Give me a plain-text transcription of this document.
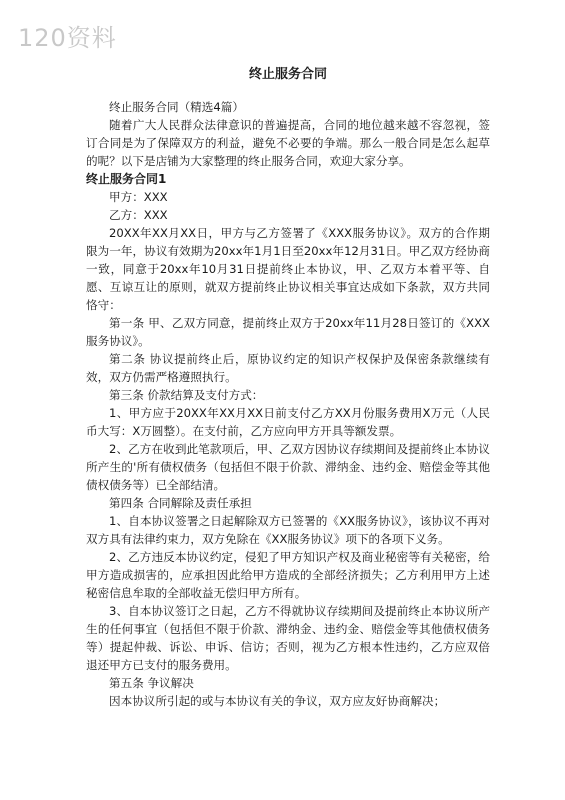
120资料
终止服务合同
终止服务合同（精选4篇）
随着广大人民群众法律意识的普遍提高，合同的地位越来越不容忽视，签订合同是为了保障双方的利益，避免不必要的争端。那么一般合同是怎么起草的呢？以下是店铺为大家整理的终止服务合同，欢迎大家分享。
终止服务合同1
甲方：XXX
乙方：XXX
20XX年XX月XX日，甲方与乙方签署了《XXX服务协议》。双方的合作期限为一年，协议有效期为20xx年1月1日至20xx年12月31日。甲乙双方经协商一致，同意于20xx年10月31日提前终止本协议，甲、乙双方本着平等、自愿、互谅互让的原则，就双方提前终止协议相关事宜达成如下条款，双方共同恪守：
第一条 甲、乙双方同意，提前终止双方于20xx年11月28日签订的《XXX服务协议》。
第二条 协议提前终止后，原协议约定的知识产权保护及保密条款继续有效，双方仍需严格遵照执行。
第三条 价款结算及支付方式：
1、甲方应于20XX年XX月XX日前支付乙方XX月份服务费用X万元（人民币大写：X万圆整）。在支付前，乙方应向甲方开具等额发票。
2、乙方在收到此笔款项后，甲、乙双方因协议存续期间及提前终止本协议所产生的'所有债权债务（包括但不限于价款、滞纳金、违约金、赔偿金等其他债权债务等）已全部结清。
第四条 合同解除及责任承担
1、自本协议签署之日起解除双方已签署的《XX服务协议》，该协议不再对双方具有法律约束力，双方免除在《XX服务协议》项下的各项下义务。
2、乙方违反本协议约定，侵犯了甲方知识产权及商业秘密等有关秘密，给甲方造成损害的，应承担因此给甲方造成的全部经济损失；乙方利用甲方上述秘密信息牟取的全部收益无偿归甲方所有。
3、自本协议签订之日起，乙方不得就协议存续期间及提前终止本协议所产生的任何事宜（包括但不限于价款、滞纳金、违约金、赔偿金等其他债权债务等）提起仲裁、诉讼、申诉、信访；否则，视为乙方根本性违约，乙方应双倍退还甲方已支付的服务费用。
第五条 争议解决
因本协议所引起的或与本协议有关的争议，双方应友好协商解决；
